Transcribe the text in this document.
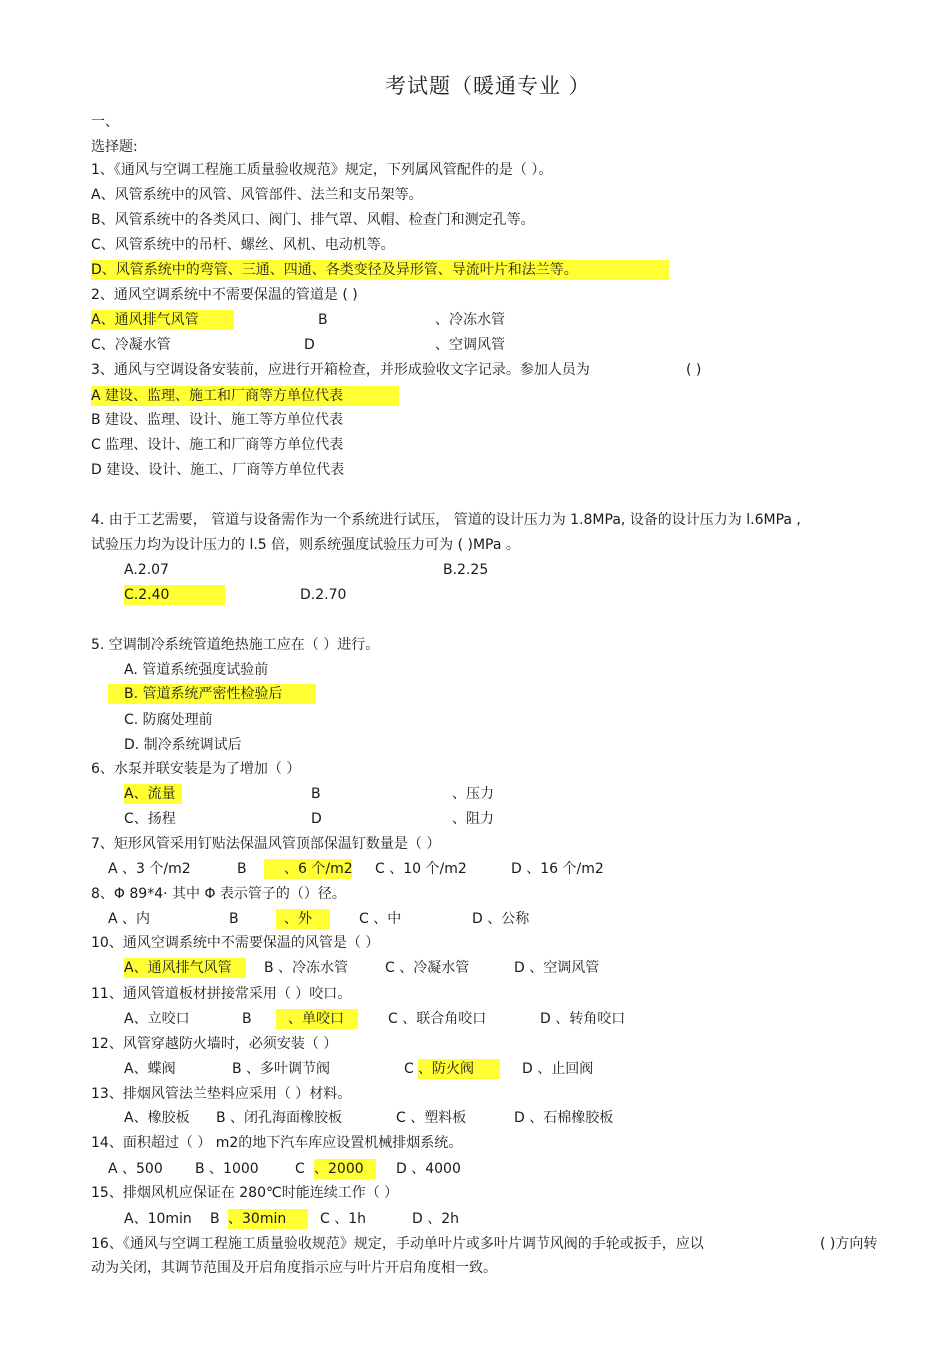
考试题（暖通专业 ）
一、
选择题:
1、《通风与空调工程施工质量验收规范》规定，下列属风管配件的是（ ）。
A、风管系统中的风管、风管部件、法兰和支吊架等。
B、风管系统中的各类风口、阀门、排气罩、风帽、检查门和测定孔等。
C、风管系统中的吊杆、螺丝、风机、电动机等。
D、风管系统中的弯管、三通、四通、各类变径及异形管、导流叶片和法兰等。
2、通风空调系统中不需要保温的管道是 ( )
A、通风排气风管	B	、冷冻水管
C、冷凝水管	D	、空调风管
3、通风与空调设备安装前，应进行开箱检查，并形成验收文字记录。参加人员为	( )
A 建设、监理、施工和厂商等方单位代表
B 建设、监理、设计、施工等方单位代表
C 监理、设计、施工和厂商等方单位代表
D 建设、设计、施工、厂商等方单位代表
4. 由于工艺需要， 管道与设备需作为一个系统进行试压， 管道的设计压力为 1.8MPa, 设备的设计压力为 l.6MPa ,
试验压力均为设计压力的 l.5 倍，则系统强度试验压力可为 ( )MPa 。
A.2.07	B.2.25
C.2.40	D.2.70
5. 空调制冷系统管道绝热施工应在（ ）进行。
A. 管道系统强度试验前
B. 管道系统严密性检验后
C. 防腐处理前
D. 制冷系统调试后
6、水泵并联安装是为了增加（ ）
A、流量	B	、压力
C、扬程	D	、阻力
7、矩形风管采用钉贴法保温风管顶部保温钉数量是（ ）
A 、3 个/m2	B	、6 个/m2 C 、10 个/m2	D 、16 个/m2
8、Φ 89*4· 其中 Φ 表示管子的（）径。
A 、内	B	、外	C 、中	D 、公称
10、通风空调系统中不需要保温的风管是（ ）
A、通风排气风管	B 、冷冻水管	C 、冷凝水管	D 、空调风管
11、通风管道板材拼接常采用（ ）咬口。
A、立咬口	B	、单咬口	C 、联合角咬口	D 、转角咬口
12、风管穿越防火墙时，必须安装（ ）
A、蝶阀	B 、多叶调节阀	C 、防火阀	D 、止回阀
13、排烟风管法兰垫料应采用（ ）材料。
A、橡胶板 B 、闭孔海面橡胶板	C 、塑料板	D 、石棉橡胶板
14、面积超过（ ） m2的地下汽车库应设置机械排烟系统。
A 、500 B 、1000	C 、2000	D 、4000
15、排烟风机应保证在 280℃时能连续工作（ ）
A、10min B 、30min	C 、1h	D 、2h
16、《通风与空调工程施工质量验收规范》规定，手动单叶片或多叶片调节风阀的手轮或扳手，应以	( )方向转
动为关闭，其调节范围及开启角度指示应与叶片开启角度相一致。
